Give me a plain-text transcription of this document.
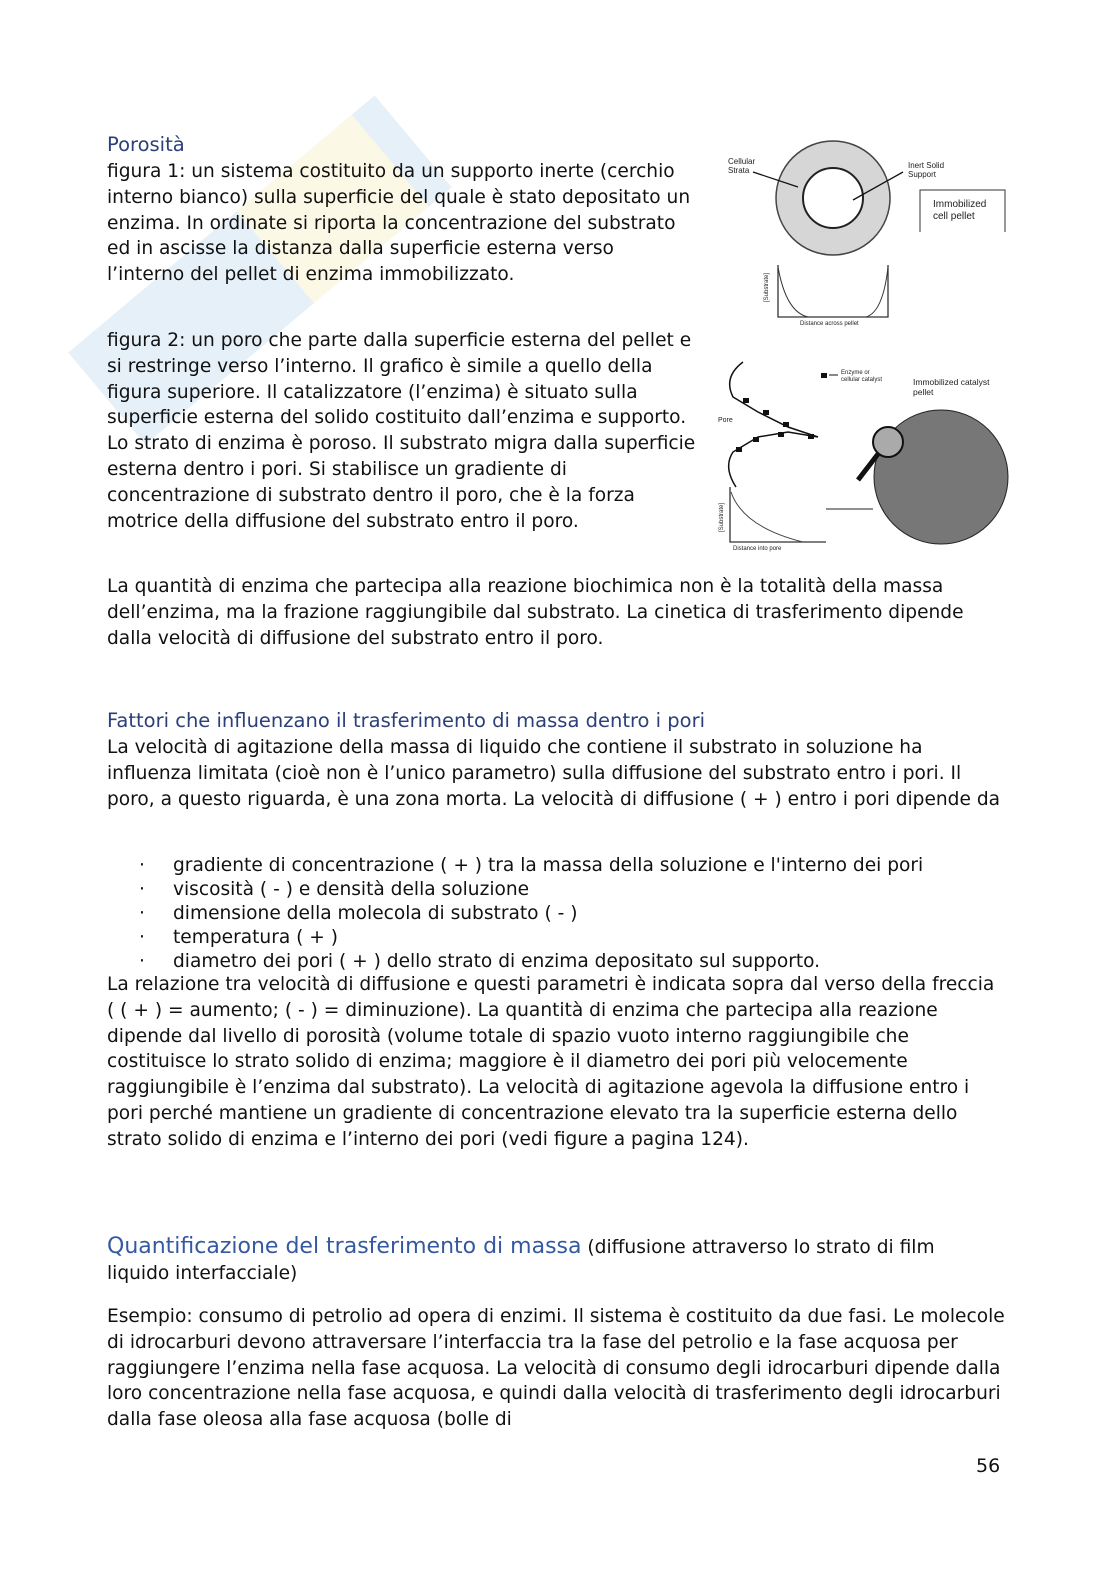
Porosità

figura 1: un sistema costituito da un supporto inerte (cerchio interno bianco) sulla superficie del quale è stato depositato un enzima. In ordinate si riporta la concentrazione del substrato ed in ascisse la distanza dalla superficie esterna verso l’interno del pellet di enzima immobilizzato.

figura 2: un poro che parte dalla superficie esterna del pellet e si restringe verso l’interno. Il grafico è simile a quello della figura superiore. Il catalizzatore (l’enzima) è situato sulla superficie esterna del solido costituito dall’enzima e supporto. Lo strato di enzima è poroso. Il substrato migra dalla superficie esterna dentro i pori. Si stabilisce un gradiente di concentrazione di substrato dentro il poro, che è la forza motrice della diffusione del substrato entro il poro.

Cellular
Strata
Inert Solid
Support
Immobilized
cell pellet
[Substrate]
Distance across pellet
Enzyme or
cellular catalyst	Immobilized catalyst
pellet
Pore
[Substrate]
Distance into pore

La quantità di enzima che partecipa alla reazione biochimica non è la totalità della massa dell’enzima, ma la frazione raggiungibile dal substrato. La cinetica di trasferimento dipende dalla velocità di diffusione del substrato entro il poro.

Fattori che influenzano il trasferimento di massa dentro i pori

La velocità di agitazione della massa di liquido che contiene il substrato in soluzione ha influenza limitata (cioè non è l’unico parametro) sulla diffusione del substrato entro i pori. Il poro, a questo riguarda, è una zona morta. La velocità di diffusione ( + ) entro i pori dipende da

· gradiente di concentrazione ( + ) tra la massa della soluzione e l'interno dei pori
· viscosità ( - ) e densità della soluzione
· dimensione della molecola di substrato ( - )
· temperatura ( + )
· diametro dei pori ( + ) dello strato di enzima depositato sul supporto.

La relazione tra velocità di diffusione e questi parametri è indicata sopra dal verso della freccia ( ( + ) = aumento; ( - ) = diminuzione). La quantità di enzima che partecipa alla reazione dipende dal livello di porosità (volume totale di spazio vuoto interno raggiungibile che costituisce lo strato solido di enzima; maggiore è il diametro dei pori più velocemente raggiungibile è l’enzima dal substrato). La velocità di agitazione agevola la diffusione entro i pori perché mantiene un gradiente di concentrazione elevato tra la superficie esterna dello strato solido di enzima e l’interno dei pori (vedi figure a pagina 124).

Quantificazione del trasferimento di massa (diffusione attraverso lo strato di film liquido interfacciale)

Esempio: consumo di petrolio ad opera di enzimi. Il sistema è costituito da due fasi. Le molecole di idrocarburi devono attraversare l’interfaccia tra la fase del petrolio e la fase acquosa per raggiungere l’enzima nella fase acquosa. La velocità di consumo degli idrocarburi dipende dalla loro concentrazione nella fase acquosa, e quindi dalla velocità di trasferimento degli idrocarburi dalla fase oleosa alla fase acquosa (bolle di

56
